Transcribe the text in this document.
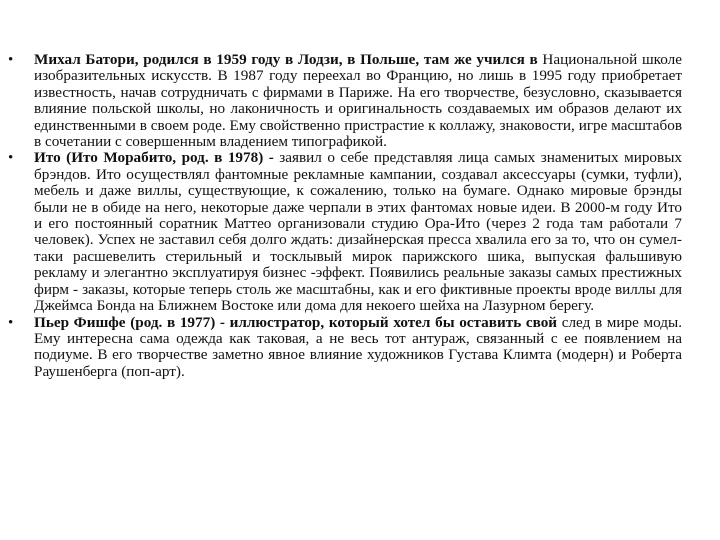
• Михал Батори, родился в 1959 году в Лодзи, в Польше, там же учился в Национальной школе изобразительных искусств. В 1987 году переехал во Францию, но лишь в 1995 году приобретает известность, начав сотрудничать с фирмами в Париже. На его творчестве, безусловно, сказывается влияние польской школы, но лаконичность и оригинальность создаваемых им образов делают их единственными в своем роде. Ему свойственно пристрастие к коллажу, знаковости, игре масштабов в сочетании с совершенным владением типографикой.
• Ито (Ито Морабито, род. в 1978) - заявил о себе представляя лица самых знаменитых мировых брэндов. Ито осуществлял фантомные рекламные кампании, создавал аксессуары (сумки, туфли), мебель и даже виллы, существующие, к сожалению, только на бумаге. Однако мировые брэнды были не в обиде на него, некоторые даже черпали в этих фантомах новые идеи. В 2000-м году Ито и его постоянный соратник Маттео организовали студию Ора-Ито (через 2 года там работали 7 человек). Успех не заставил себя долго ждать: дизайнерская пресса хвалила его за то, что он сумел-таки расшевелить стерильный и тосклывый мирок парижского шика, выпуская фальшивую рекламу и элегантно эксплуатируя бизнес -эффект. Появились реальные заказы самых престижных фирм - заказы, которые теперь столь же масштабны, как и его фиктивные проекты вроде виллы для Джеймса Бонда на Ближнем Востоке или дома для некоего шейха на Лазурном берегу.
• Пьер Фишфе (род. в 1977) - иллюстратор, который хотел бы оставить свой след в мире моды. Ему интересна сама одежда как таковая, а не весь тот антураж, связанный с ее появлением на подиуме. В его творчестве заметно явное влияние художников Густава Климта (модерн) и Роберта Раушенберга (поп-арт).
